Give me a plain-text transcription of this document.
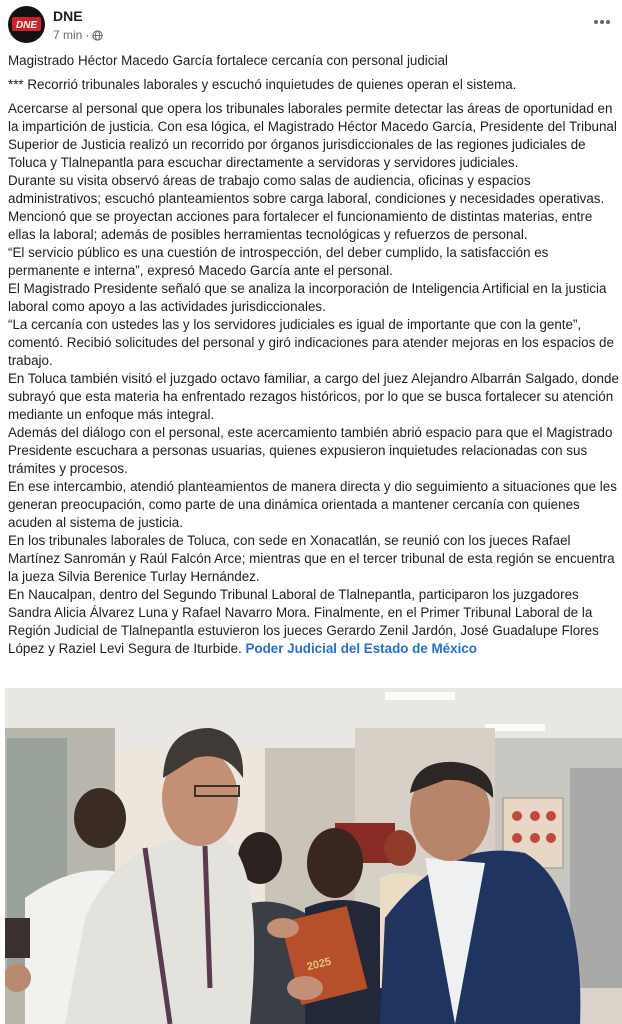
DNE
DNE
7 min ·

Magistrado Héctor Macedo García fortalece cercanía con personal judicial

*** Recorrió tribunales laborales y escuchó inquietudes de quienes operan el sistema.

Acercarse al personal que opera los tribunales laborales permite detectar las áreas de oportunidad en la impartición de justicia. Con esa lógica, el Magistrado Héctor Macedo García, Presidente del Tribunal Superior de Justicia realizó un recorrido por órganos jurisdiccionales de las regiones judiciales de Toluca y Tlalnepantla para escuchar directamente a servidoras y servidores judiciales.

Durante su visita observó áreas de trabajo como salas de audiencia, oficinas y espacios administrativos; escuchó planteamientos sobre carga laboral, condiciones y necesidades operativas.

Mencionó que se proyectan acciones para fortalecer el funcionamiento de distintas materias, entre ellas la laboral; además de posibles herramientas tecnológicas y refuerzos de personal.

“El servicio público es una cuestión de introspección, del deber cumplido, la satisfacción es permanente e interna”, expresó Macedo García ante el personal.

El Magistrado Presidente señaló que se analiza la incorporación de Inteligencia Artificial en la justicia laboral como apoyo a las actividades jurisdiccionales.

“La cercanía con ustedes las y los servidores judiciales es igual de importante que con la gente”, comentó. Recibió solicitudes del personal y giró indicaciones para atender mejoras en los espacios de trabajo.

En Toluca también visitó el juzgado octavo familiar, a cargo del juez Alejandro Albarrán Salgado, donde subrayó que esta materia ha enfrentado rezagos históricos, por lo que se busca fortalecer su atención mediante un enfoque más integral.

Además del diálogo con el personal, este acercamiento también abrió espacio para que el Magistrado Presidente escuchara a personas usuarias, quienes expusieron inquietudes relacionadas con sus trámites y procesos.

En ese intercambio, atendió planteamientos de manera directa y dio seguimiento a situaciones que les generan preocupación, como parte de una dinámica orientada a mantener cercanía con quienes acuden al sistema de justicia.

En los tribunales laborales de Toluca, con sede en Xonacatlán, se reunió con los jueces Rafael Martínez Sanromán y Raúl Falcón Arce; mientras que en el tercer tribunal de esta región se encuentra la jueza Silvia Berenice Turlay Hernández.

En Naucalpan, dentro del Segundo Tribunal Laboral de Tlalnepantla, participaron los juzgadores Sandra Alicia Álvarez Luna y Rafael Navarro Mora. Finalmente, en el Primer Tribunal Laboral de la Región Judicial de Tlalnepantla estuvieron los jueces Gerardo Zenil Jardón, José Guadalupe Flores López y Raziel Levi Segura de Iturbide. Poder Judicial del Estado de México

2025
